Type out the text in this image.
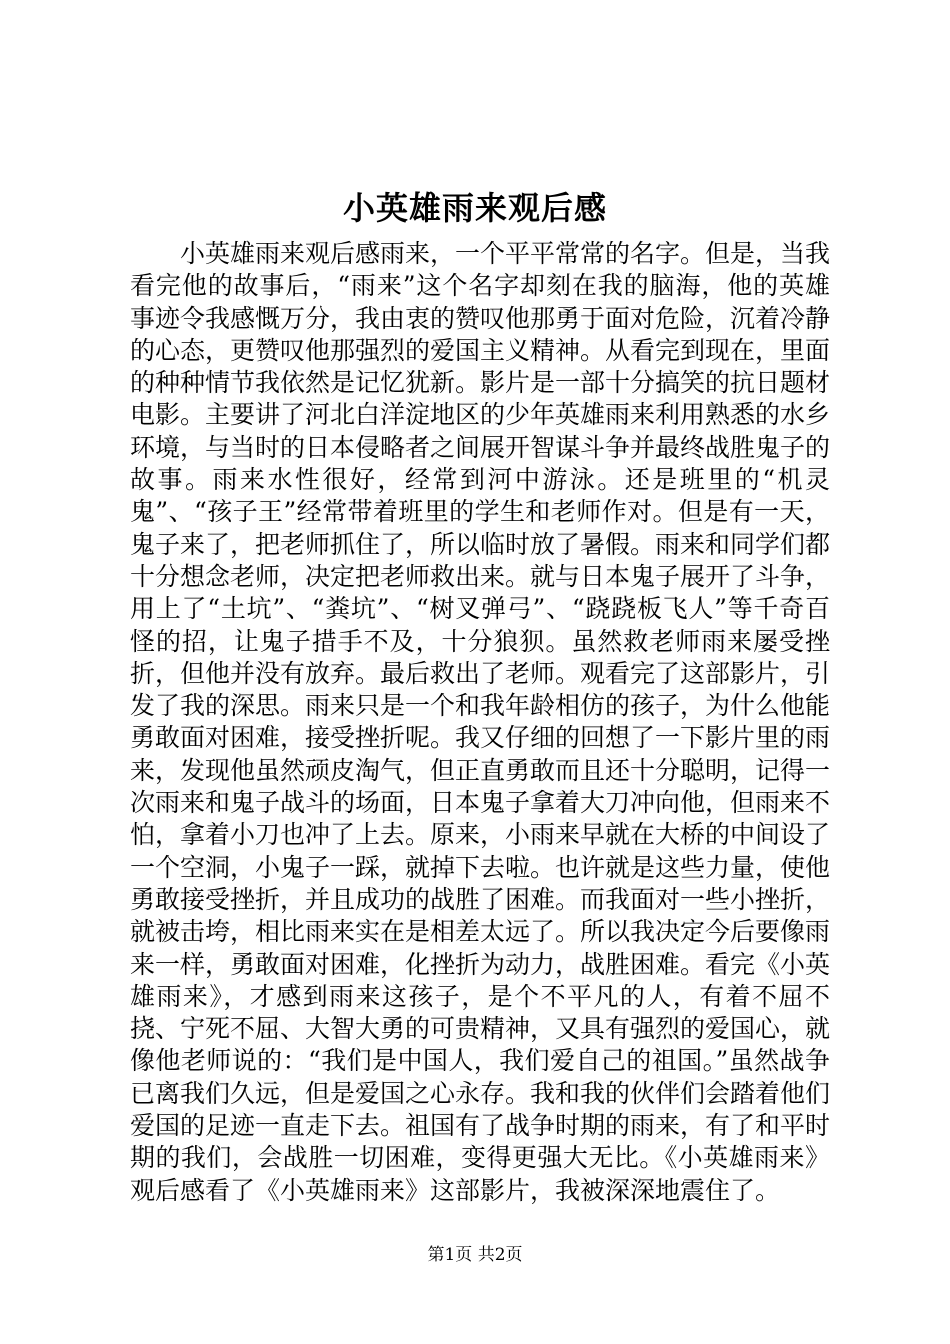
小英雄雨来观后感

小英雄雨来观后感雨来，一个平平常常的名字。但是，当我看完他的故事后，“雨来”这个名字却刻在我的脑海，他的英雄事迹令我感慨万分，我由衷的赞叹他那勇于面对危险，沉着冷静的心态，更赞叹他那强烈的爱国主义精神。从看完到现在，里面的种种情节我依然是记忆犹新。影片是一部十分搞笑的抗日题材电影。主要讲了河北白洋淀地区的少年英雄雨来利用熟悉的水乡环境，与当时的日本侵略者之间展开智谋斗争并最终战胜鬼子的故事。雨来水性很好，经常到河中游泳。还是班里的“机灵鬼”、“孩子王”经常带着班里的学生和老师作对。但是有一天，鬼子来了，把老师抓住了，所以临时放了暑假。雨来和同学们都十分想念老师，决定把老师救出来。就与日本鬼子展开了斗争，用上了“土坑”、“粪坑”、“树叉弹弓”、“跷跷板飞人”等千奇百怪的招，让鬼子措手不及，十分狼狈。虽然救老师雨来屡受挫折，但他并没有放弃。最后救出了老师。观看完了这部影片，引发了我的深思。雨来只是一个和我年龄相仿的孩子，为什么他能勇敢面对困难，接受挫折呢。我又仔细的回想了一下影片里的雨来，发现他虽然顽皮淘气，但正直勇敢而且还十分聪明，记得一次雨来和鬼子战斗的场面，日本鬼子拿着大刀冲向他，但雨来不怕，拿着小刀也冲了上去。原来，小雨来早就在大桥的中间设了一个空洞，小鬼子一踩，就掉下去啦。也许就是这些力量，使他勇敢接受挫折，并且成功的战胜了困难。而我面对一些小挫折，就被击垮，相比雨来实在是相差太远了。所以我决定今后要像雨来一样，勇敢面对困难，化挫折为动力，战胜困难。看完《小英雄雨来》，才感到雨来这孩子，是个不平凡的人，有着不屈不挠、宁死不屈、大智大勇的可贵精神，又具有强烈的爱国心，就像他老师说的：“我们是中国人，我们爱自己的祖国。”虽然战争已离我们久远，但是爱国之心永存。我和我的伙伴们会踏着他们爱国的足迹一直走下去。祖国有了战争时期的雨来，有了和平时期的我们，会战胜一切困难，变得更强大无比。《小英雄雨来》观后感看了《小英雄雨来》这部影片，我被深深地震住了。

第1页 共2页
